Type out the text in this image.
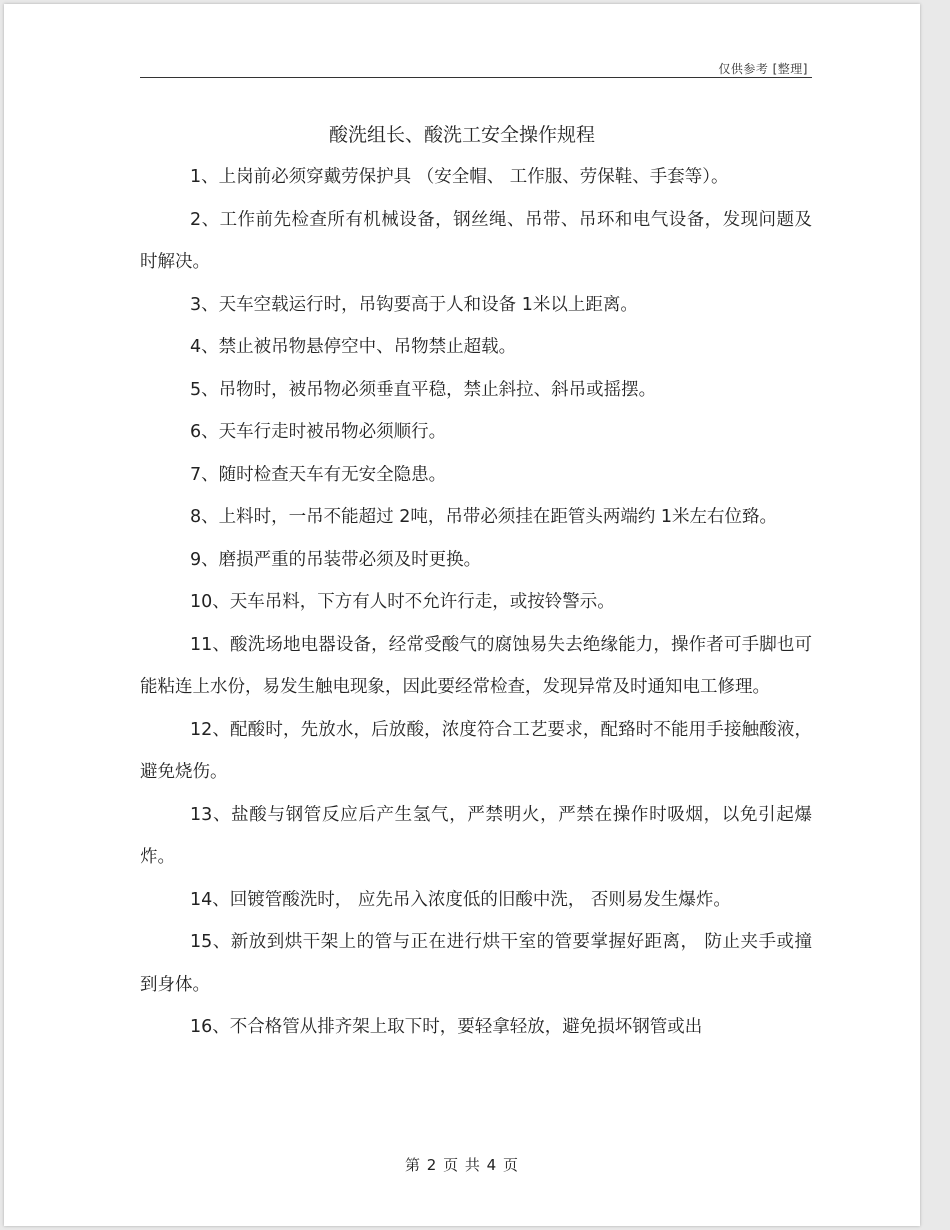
仅供参考 [整理]
酸洗组长、酸洗工安全操作规程

1、上岗前必须穿戴劳保护具 （安全帽、 工作服、劳保鞋、手套等）。

2、工作前先检查所有机械设备，钢丝绳、吊带、吊环和电气设备，发现问题及时解决。

3、天车空载运行时，吊钩要高于人和设备 1米以上距离。

4、禁止被吊物悬停空中、吊物禁止超载。

5、吊物时，被吊物必须垂直平稳，禁止斜拉、斜吊或摇摆。

6、天车行走时被吊物必须顺行。

7、随时检查天车有无安全隐患。

8、上料时，一吊不能超过 2吨，吊带必须挂在距管头两端约 1米左右位臵。

9、磨损严重的吊装带必须及时更换。

10、天车吊料，下方有人时不允许行走，或按铃警示。

11、酸洗场地电器设备，经常受酸气的腐蚀易失去绝缘能力，操作者可手脚也可能粘连上水份，易发生触电现象，因此要经常检查，发现异常及时通知电工修理。

12、配酸时，先放水，后放酸，浓度符合工艺要求，配臵时不能用手接触酸液，避免烧伤。

13、盐酸与钢管反应后产生氢气，严禁明火，严禁在操作时吸烟，以免引起爆炸。

14、回镀管酸洗时， 应先吊入浓度低的旧酸中洗， 否则易发生爆炸。

15、新放到烘干架上的管与正在进行烘干室的管要掌握好距离， 防止夹手或撞到身体。

16、不合格管从排齐架上取下时，要轻拿轻放，避免损坏钢管或出

第 2 页 共 4 页
